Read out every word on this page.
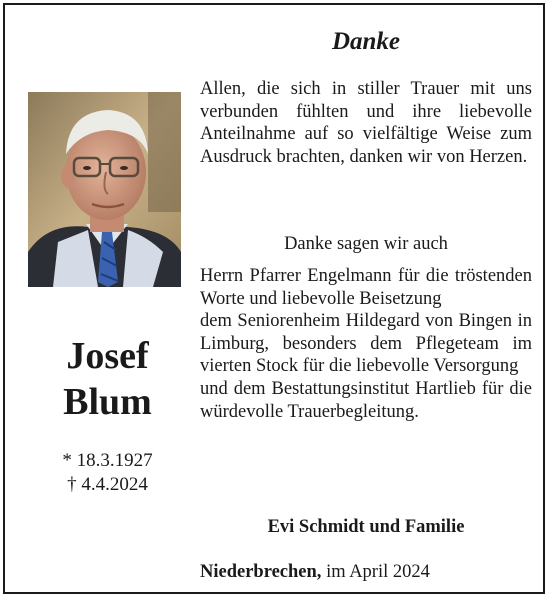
Danke
Josef
Blum
* 18.3.1927
† 4.4.2024
Allen, die sich in stiller Trauer mit uns verbunden fühlten und ihre liebevolle Anteilnahme auf so vielfältige Weise zum Ausdruck brachten, danken wir von Herzen.
Danke sagen wir auch

Herrn Pfarrer Engelmann für die tröstenden Worte und liebevolle Beisetzung

dem Seniorenheim Hildegard von Bingen in Limburg, besonders dem Pflegeteam im vierten Stock für die liebevolle Versorgung

und dem Bestattungsinstitut Hartlieb für die würdevolle Trauerbegleitung.

Evi Schmidt und Familie
Niederbrechen, im April 2024
